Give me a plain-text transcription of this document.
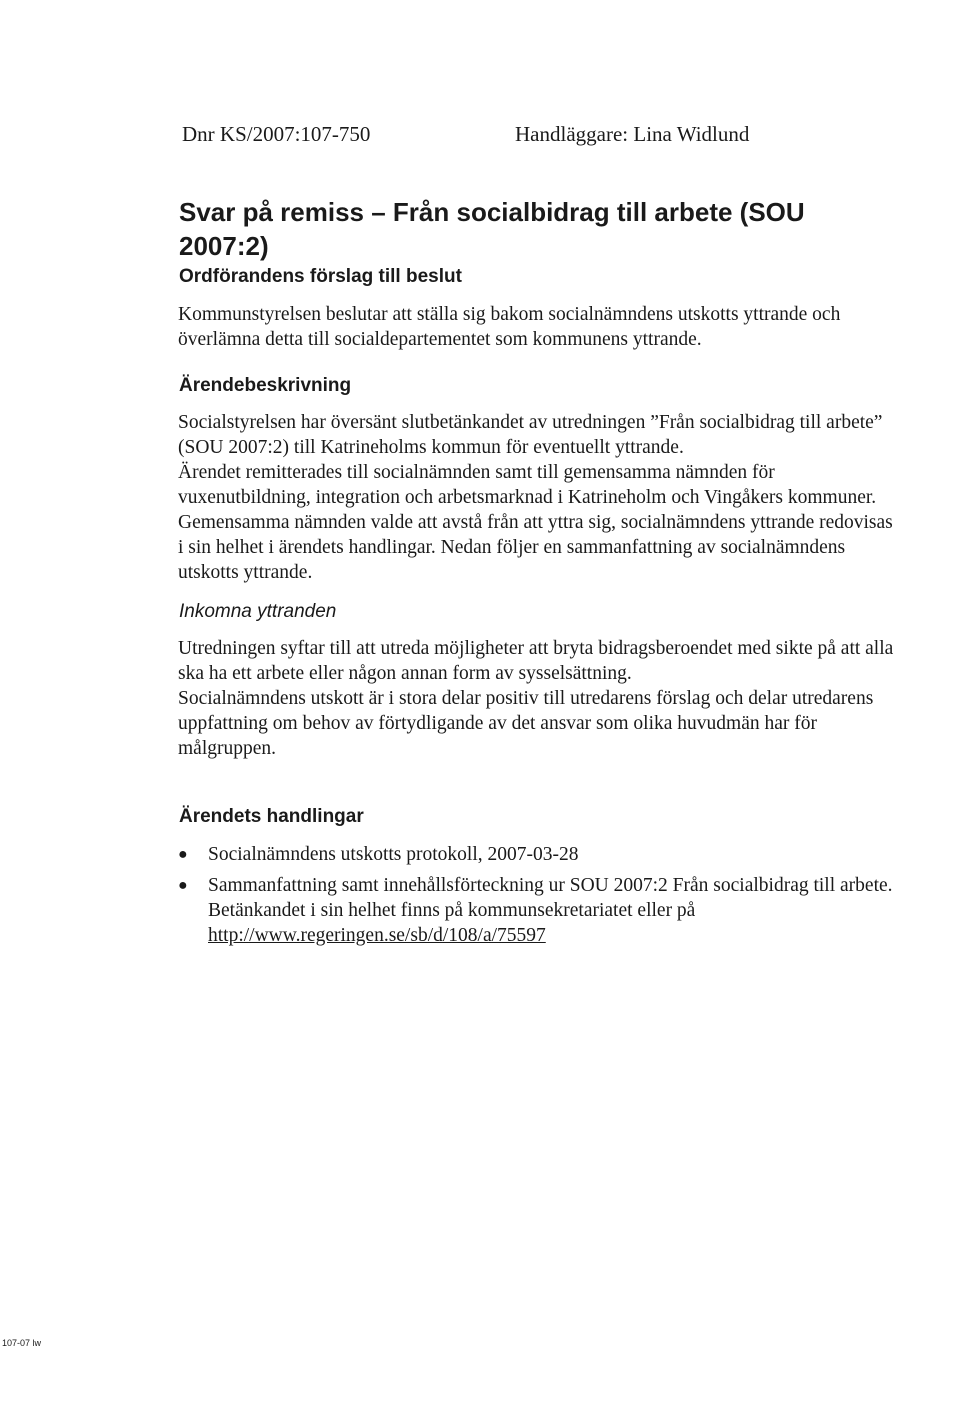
Dnr KS/2007:107-750	Handläggare: Lina Widlund
Svar på remiss – Från socialbidrag till arbete (SOU 2007:2)
Ordförandens förslag till beslut

Kommunstyrelsen beslutar att ställa sig bakom socialnämndens utskotts yttrande och överlämna detta till socialdepartementet som kommunens yttrande.

Ärendebeskrivning

Socialstyrelsen har översänt slutbetänkandet av utredningen ”Från socialbidrag till arbete” (SOU 2007:2) till Katrineholms kommun för eventuellt yttrande.

Ärendet remitterades till socialnämnden samt till gemensamma nämnden för vuxenutbildning, integration och arbetsmarknad i Katrineholm och Vingåkers kommuner. Gemensamma nämnden valde att avstå från att yttra sig, socialnämndens yttrande redovisas i sin helhet i ärendets handlingar. Nedan följer en sammanfattning av socialnämndens utskotts yttrande.

Inkomna yttranden

Utredningen syftar till att utreda möjligheter att bryta bidragsberoendet med sikte på att alla ska ha ett arbete eller någon annan form av sysselsättning.

Socialnämndens utskott är i stora delar positiv till utredarens förslag och delar utredarens uppfattning om behov av förtydligande av det ansvar som olika huvudmän har för målgruppen.

Ärendets handlingar
● Socialnämndens utskotts protokoll, 2007-03-28
● Sammanfattning samt innehållsförteckning ur SOU 2007:2 Från socialbidrag till arbete. Betänkandet i sin helhet finns på kommunsekretariatet eller på http://www.regeringen.se/sb/d/108/a/75597
107-07 lw
